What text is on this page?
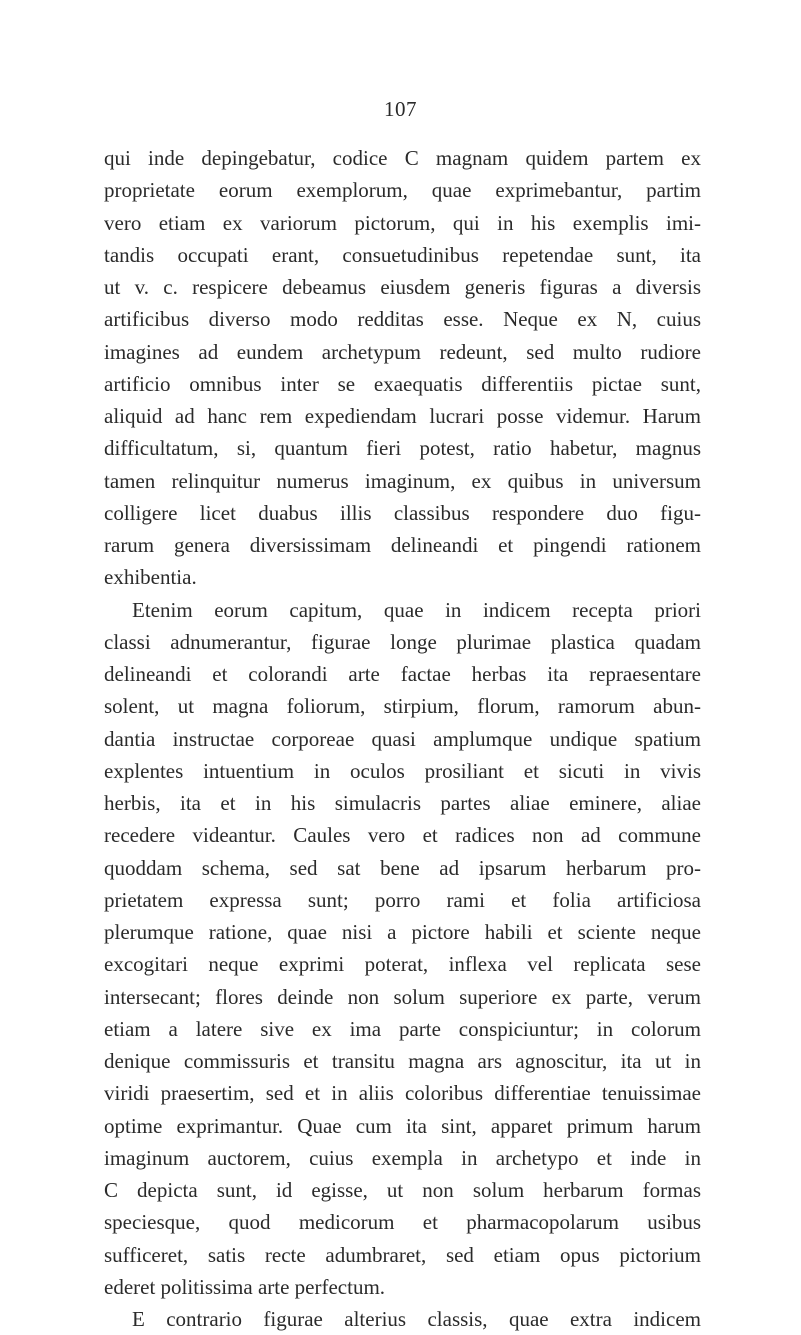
107
qui inde depingebatur, codice C magnam quidem partem ex
proprietate eorum exemplorum, quae exprimebantur, partim
vero etiam ex variorum pictorum, qui in his exemplis imi-
tandis occupati erant, consuetudinibus repetendae sunt, ita
ut v. c. respicere debeamus eiusdem generis figuras a diversis
artificibus diverso modo redditas esse. Neque ex N, cuius
imagines ad eundem archetypum redeunt, sed multo rudiore
artificio omnibus inter se exaequatis differentiis pictae sunt,
aliquid ad hanc rem expediendam lucrari posse videmur. Harum
difficultatum, si, quantum fieri potest, ratio habetur, magnus
tamen relinquitur numerus imaginum, ex quibus in universum
colligere licet duabus illis classibus respondere duo figu-
rarum genera diversissimam delineandi et pingendi rationem
exhibentia.
Etenim eorum capitum, quae in indicem recepta priori
classi adnumerantur, figurae longe plurimae plastica quadam
delineandi et colorandi arte factae herbas ita repraesentare
solent, ut magna foliorum, stirpium, florum, ramorum abun-
dantia instructae corporeae quasi amplumque undique spatium
explentes intuentium in oculos prosiliant et sicuti in vivis
herbis, ita et in his simulacris partes aliae eminere, aliae
recedere videantur. Caules vero et radices non ad commune
quoddam schema, sed sat bene ad ipsarum herbarum pro-
prietatem expressa sunt; porro rami et folia artificiosa
plerumque ratione, quae nisi a pictore habili et sciente neque
excogitari neque exprimi poterat, inflexa vel replicata sese
intersecant; flores deinde non solum superiore ex parte, verum
etiam a latere sive ex ima parte conspiciuntur; in colorum
denique commissuris et transitu magna ars agnoscitur, ita ut in
viridi praesertim, sed et in aliis coloribus differentiae tenuissimae
optime exprimantur. Quae cum ita sint, apparet primum harum
imaginum auctorem, cuius exempla in archetypo et inde in
C depicta sunt, id egisse, ut non solum herbarum formas
speciesque, quod medicorum et pharmacopolarum usibus
sufficeret, satis recte adumbraret, sed etiam opus pictorium
ederet politissima arte perfectum.
E contrario figurae alterius classis, quae extra indicem
